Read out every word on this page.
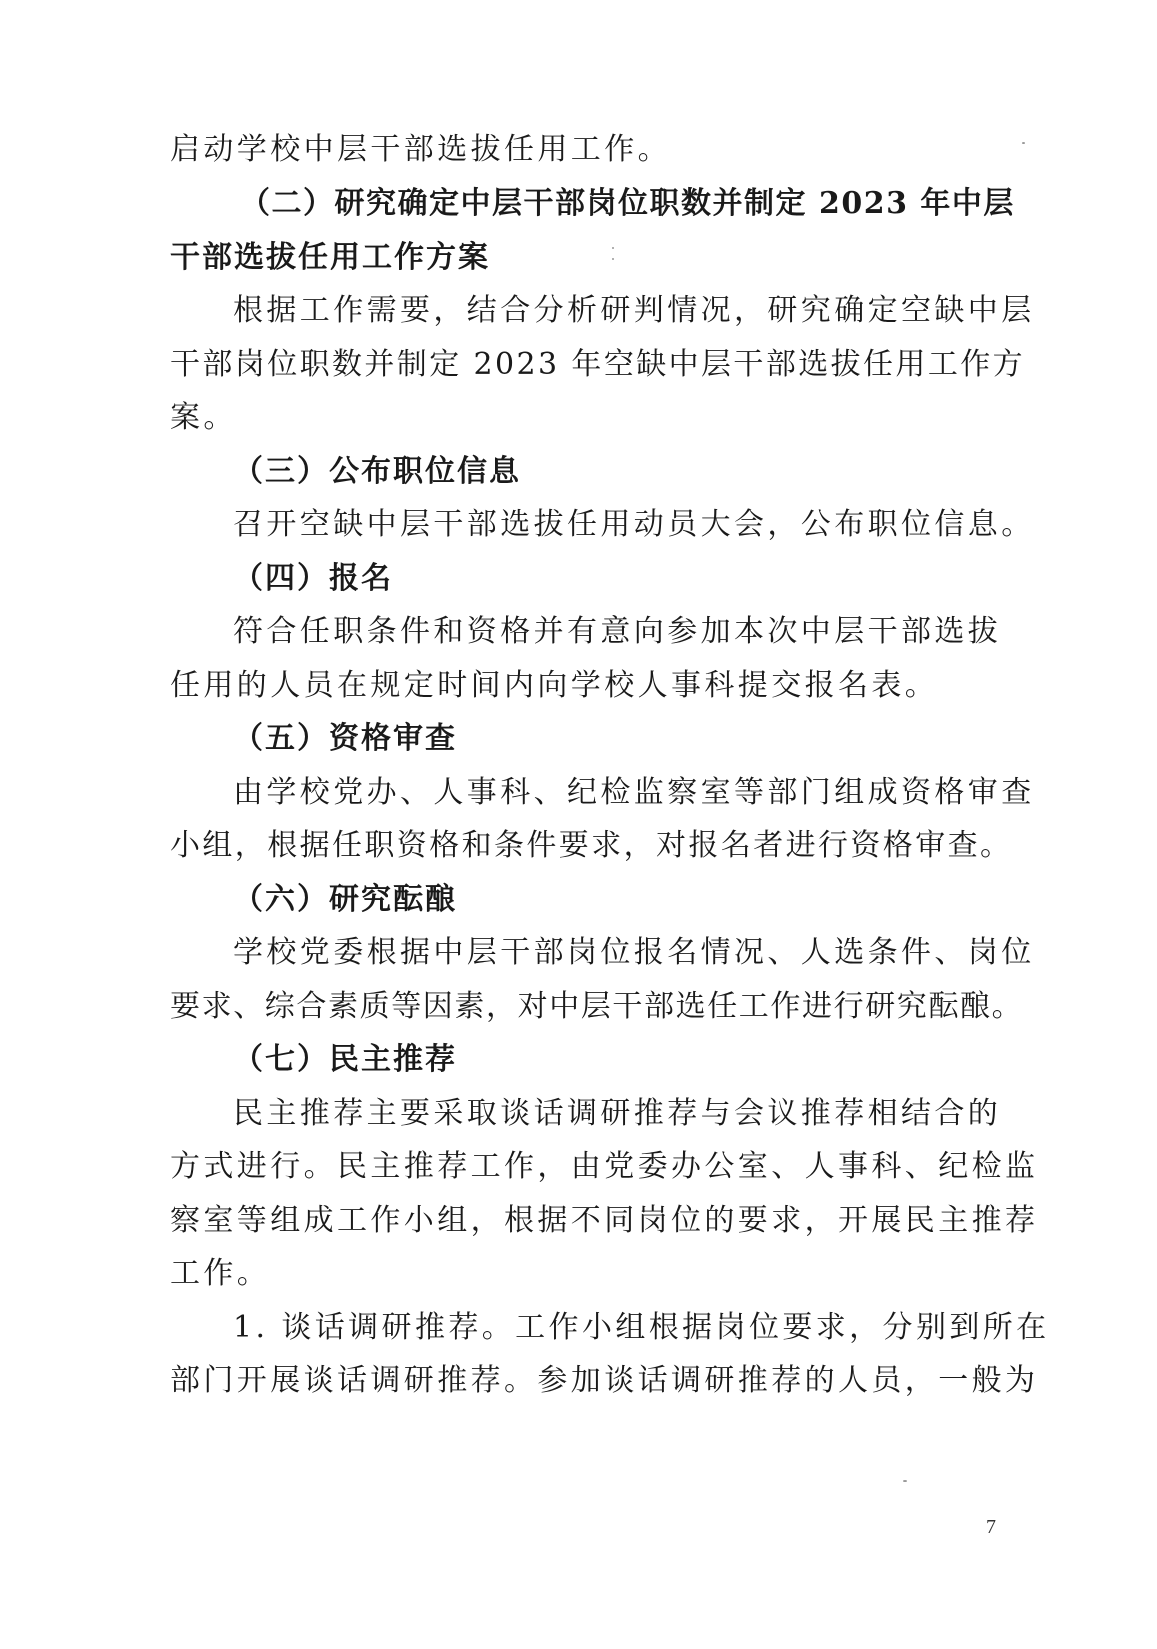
启动学校中层干部选拔任用工作。
（二）研究确定中层干部岗位职数并制定 2023 年中层
干部选拔任用工作方案
根据工作需要，结合分析研判情况，研究确定空缺中层
干部岗位职数并制定 2023 年空缺中层干部选拔任用工作方
案。
（三）公布职位信息
召开空缺中层干部选拔任用动员大会，公布职位信息。
（四）报名
符合任职条件和资格并有意向参加本次中层干部选拔
任用的人员在规定时间内向学校人事科提交报名表。
（五）资格审查
由学校党办、人事科、纪检监察室等部门组成资格审查
小组，根据任职资格和条件要求，对报名者进行资格审查。
（六）研究酝酿
学校党委根据中层干部岗位报名情况、人选条件、岗位
要求、综合素质等因素，对中层干部选任工作进行研究酝酿。
（七）民主推荐
民主推荐主要采取谈话调研推荐与会议推荐相结合的
方式进行。民主推荐工作，由党委办公室、人事科、纪检监
察室等组成工作小组，根据不同岗位的要求，开展民主推荐
工作。
1. 谈话调研推荐。工作小组根据岗位要求，分别到所在
部门开展谈话调研推荐。参加谈话调研推荐的人员，一般为
7
